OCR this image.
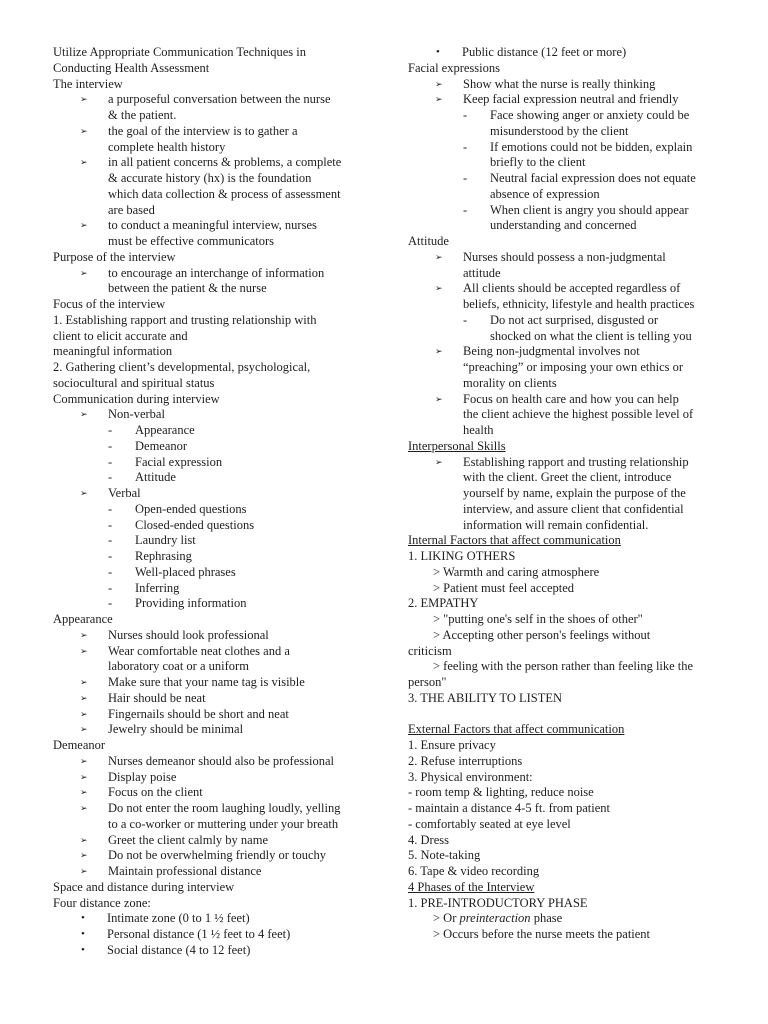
Utilize Appropriate Communication Techniques in
Conducting Health Assessment
The interview
➢ a purposeful conversation between the nurse
& the patient.
➢ the goal of the interview is to gather a
complete health history
➢ in all patient concerns & problems, a complete
& accurate history (hx) is the foundation
which data collection & process of assessment
are based
➢ to conduct a meaningful interview, nurses
must be effective communicators
Purpose of the interview
➢ to encourage an interchange of information
between the patient & the nurse
Focus of the interview
1. Establishing rapport and trusting relationship with
client to elicit accurate and
meaningful information
2. Gathering client’s developmental, psychological,
sociocultural and spiritual status
Communication during interview
➢ Non-verbal
- Appearance
- Demeanor
- Facial expression
- Attitude
➢ Verbal
- Open-ended questions
- Closed-ended questions
- Laundry list
- Rephrasing
- Well-placed phrases
- Inferring
- Providing information
Appearance
➢ Nurses should look professional
➢ Wear comfortable neat clothes and a
laboratory coat or a uniform
➢ Make sure that your name tag is visible
➢ Hair should be neat
➢ Fingernails should be short and neat
➢ Jewelry should be minimal
Demeanor
➢ Nurses demeanor should also be professional
➢ Display poise
➢ Focus on the client
➢ Do not enter the room laughing loudly, yelling
to a co-worker or muttering under your breath
➢ Greet the client calmly by name
➢ Do not be overwhelming friendly or touchy
➢ Maintain professional distance
Space and distance during interview
Four distance zone:
• Intimate zone (0 to 1 ½ feet)
• Personal distance (1 ½ feet to 4 feet)
• Social distance (4 to 12 feet)
• Public distance (12 feet or more)
Facial expressions
➢ Show what the nurse is really thinking
➢ Keep facial expression neutral and friendly
- Face showing anger or anxiety could be
misunderstood by the client
- If emotions could not be bidden, explain
briefly to the client
- Neutral facial expression does not equate
absence of expression
- When client is angry you should appear
understanding and concerned
Attitude
➢ Nurses should possess a non-judgmental
attitude
➢ All clients should be accepted regardless of
beliefs, ethnicity, lifestyle and health practices
- Do not act surprised, disgusted or
shocked on what the client is telling you
➢ Being non-judgmental involves not
“preaching” or imposing your own ethics or
morality on clients
➢ Focus on health care and how you can help
the client achieve the highest possible level of
health
Interpersonal Skills
➢ Establishing rapport and trusting relationship
with the client. Greet the client, introduce
yourself by name, explain the purpose of the
interview, and assure client that confidential
information will remain confidential.
Internal Factors that affect communication
1. LIKING OTHERS
> Warmth and caring atmosphere
> Patient must feel accepted
2. EMPATHY
> "putting one's self in the shoes of other"
> Accepting other person's feelings without
criticism
> feeling with the person rather than feeling like the
person"
3. THE ABILITY TO LISTEN
External Factors that affect communication
1. Ensure privacy
2. Refuse interruptions
3. Physical environment:
- room temp & lighting, reduce noise
- maintain a distance 4-5 ft. from patient
- comfortably seated at eye level
4. Dress
5. Note-taking
6. Tape & video recording
4 Phases of the Interview
1. PRE-INTRODUCTORY PHASE
> Or preinteraction phase
> Occurs before the nurse meets the patient
